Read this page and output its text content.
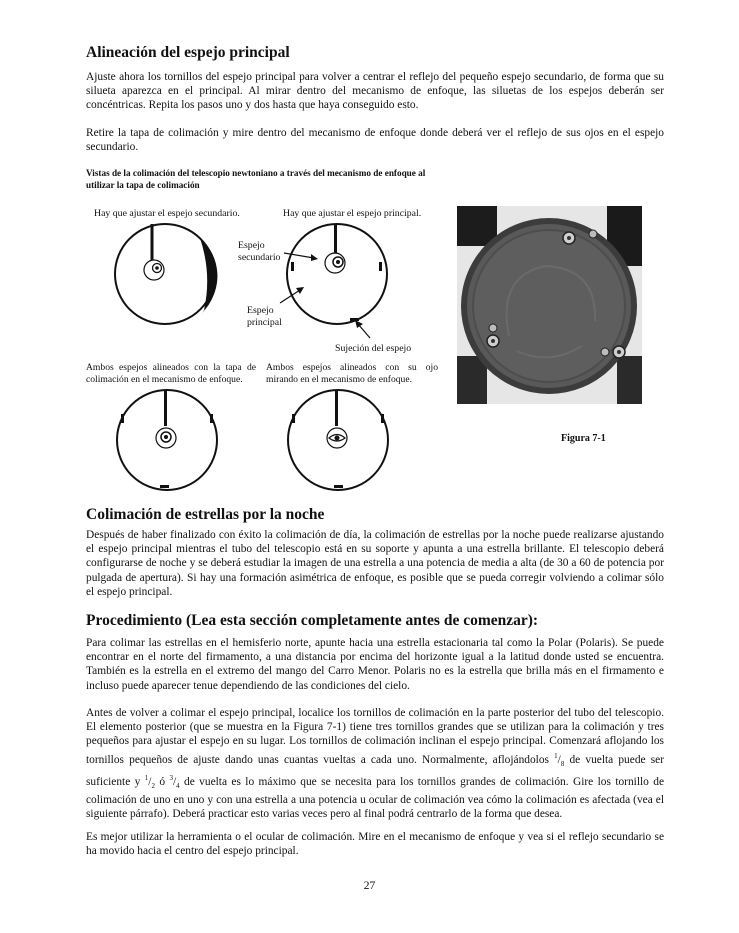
Alineación del espejo principal

Ajuste ahora los tornillos del espejo principal para volver a centrar el reflejo del pequeño espejo secundario, de forma que su silueta aparezca en el principal. Al mirar dentro del mecanismo de enfoque, las siluetas de los espejos deberán ser concéntricas. Repita los pasos uno y dos hasta que haya conseguido esto.

Retire la tapa de colimación y mire dentro del mecanismo de enfoque donde deberá ver el reflejo de sus ojos en el espejo secundario.

Vistas de la colimación del telescopio newtoniano a través del mecanismo de enfoque al utilizar la tapa de colimación

Hay que ajustar el espejo secundario.	Hay que ajustar el espejo principal.
Espejo secundario
Espejo principal
Sujeción del espejo

Ambos espejos alineados con la tapa de colimación en el mecanismo de enfoque.

Ambos espejos alineados con su ojo mirando en el mecanismo de enfoque.

Figura 7-1
Colimación de estrellas por la noche

Después de haber finalizado con éxito la colimación de día, la colimación de estrellas por la noche puede realizarse ajustando el espejo principal mientras el tubo del telescopio está en su soporte y apunta a una estrella brillante. El telescopio deberá configurarse de noche y se deberá estudiar la imagen de una estrella a una potencia de media a alta (de 30 a 60 de potencia por pulgada de apertura). Si hay una formación asimétrica de enfoque, es posible que se pueda corregir volviendo a colimar sólo el espejo principal.

Procedimiento (Lea esta sección completamente antes de comenzar):

Para colimar las estrellas en el hemisferio norte, apunte hacia una estrella estacionaria tal como la Polar (Polaris). Se puede encontrar en el norte del firmamento, a una distancia por encima del horizonte igual a la latitud donde usted se encuentra. También es la estrella en el extremo del mango del Carro Menor. Polaris no es la estrella que brilla más en el firmamento e incluso puede aparecer tenue dependiendo de las condiciones del cielo.

Antes de volver a colimar el espejo principal, localice los tornillos de colimación en la parte posterior del tubo del telescopio. El elemento posterior (que se muestra en la Figura 7-1) tiene tres tornillos grandes que se utilizan para la colimación y tres pequeños para ajustar el espejo en su lugar. Los tornillos de colimación inclinan el espejo principal. Comenzará aflojando los tornillos pequeños de ajuste dando unas cuantas vueltas a cada uno. Normalmente, aflojándolos $^1/_8$ de vuelta puede ser suficiente y $^1/_2$ ó $^3/_4$ de vuelta es lo máximo que se necesita para los tornillos grandes de colimación. Gire los tornillo de colimación de uno en uno y con una estrella a una potencia u ocular de colimación vea cómo la colimación es afectada (vea el siguiente párrafo). Deberá practicar esto varias veces pero al final podrá centrarlo de la forma que desea.

Es mejor utilizar la herramienta o el ocular de colimación. Mire en el mecanismo de enfoque y vea si el reflejo secundario se ha movido hacia el centro del espejo principal.

27
